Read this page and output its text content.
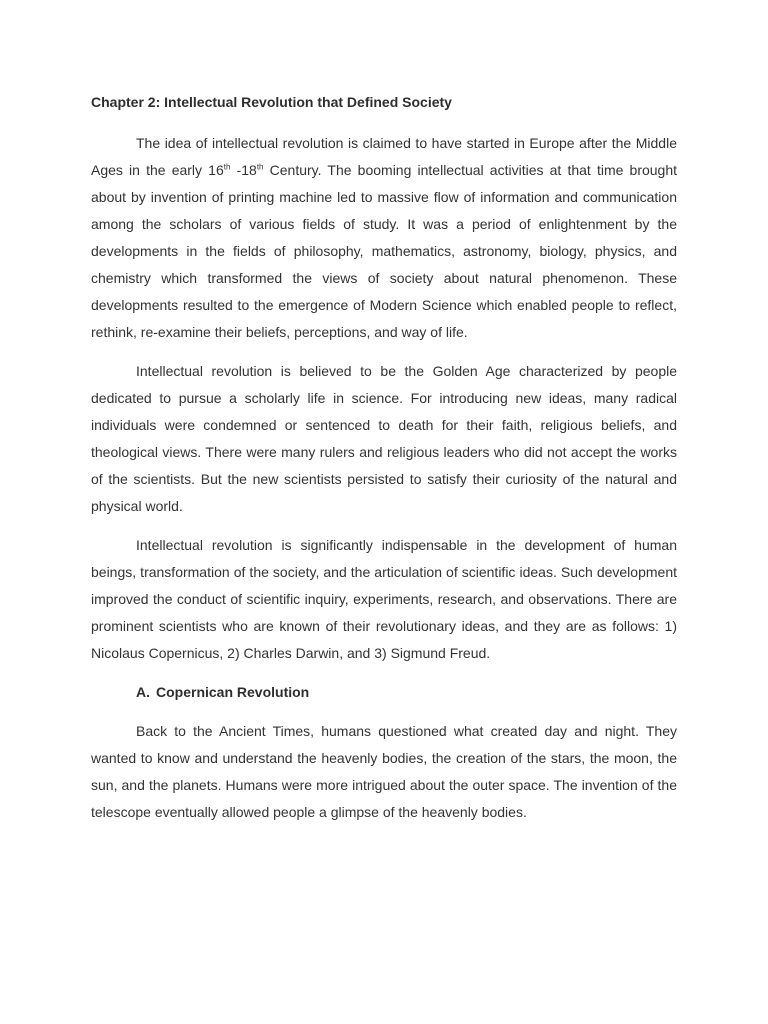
Chapter 2: Intellectual Revolution that Defined Society

The idea of intellectual revolution is claimed to have started in Europe after the Middle Ages in the early 16th -18th Century. The booming intellectual activities at that time brought about by invention of printing machine led to massive flow of information and communication among the scholars of various fields of study. It was a period of enlightenment by the developments in the fields of philosophy, mathematics, astronomy, biology, physics, and chemistry which transformed the views of society about natural phenomenon. These developments resulted to the emergence of Modern Science which enabled people to reflect, rethink, re-examine their beliefs, perceptions, and way of life.

Intellectual revolution is believed to be the Golden Age characterized by people dedicated to pursue a scholarly life in science. For introducing new ideas, many radical individuals were condemned or sentenced to death for their faith, religious beliefs, and theological views. There were many rulers and religious leaders who did not accept the works of the scientists. But the new scientists persisted to satisfy their curiosity of the natural and physical world.

Intellectual revolution is significantly indispensable in the development of human beings, transformation of the society, and the articulation of scientific ideas. Such development improved the conduct of scientific inquiry, experiments, research, and observations. There are prominent scientists who are known of their revolutionary ideas, and they are as follows: 1) Nicolaus Copernicus, 2) Charles Darwin, and 3) Sigmund Freud.

A. Copernican Revolution

Back to the Ancient Times, humans questioned what created day and night. They wanted to know and understand the heavenly bodies, the creation of the stars, the moon, the sun, and the planets. Humans were more intrigued about the outer space. The invention of the telescope eventually allowed people a glimpse of the heavenly bodies.
